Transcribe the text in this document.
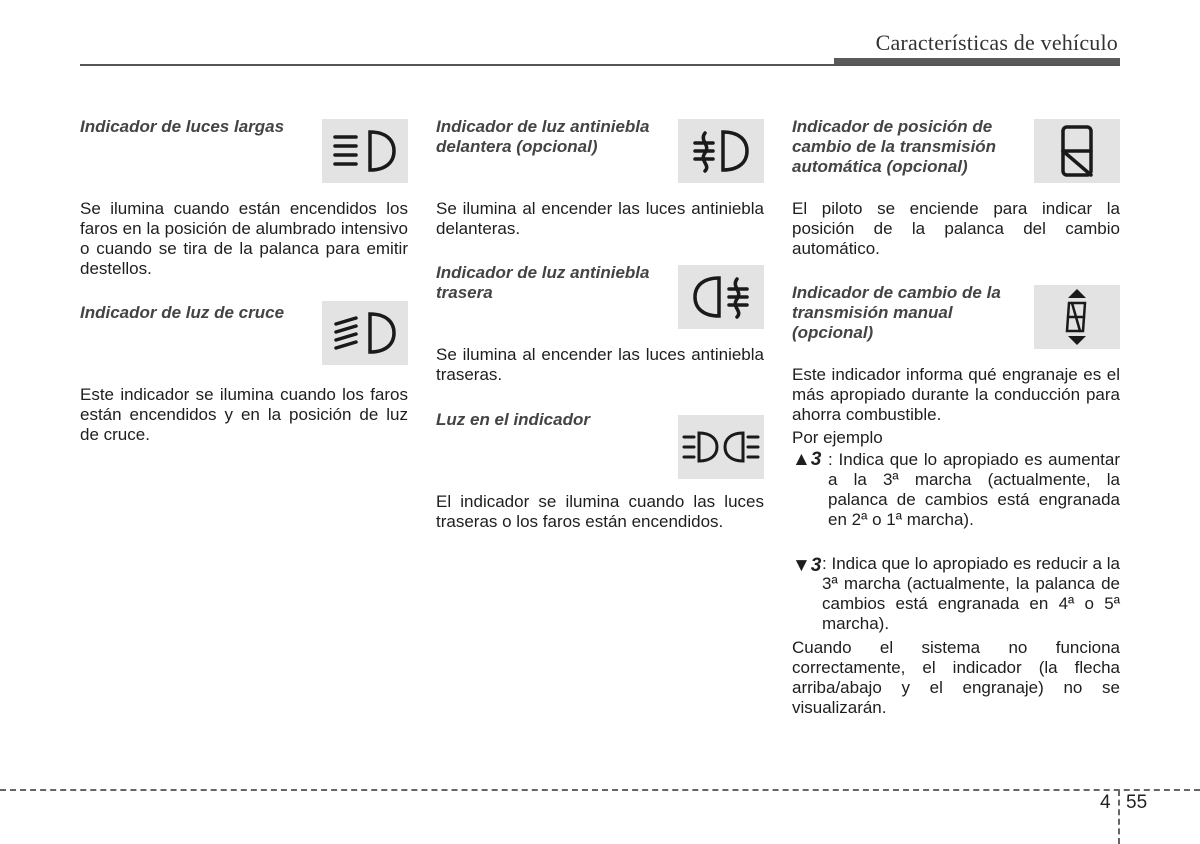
Características de vehículo
Indicador de luces largas
Se ilumina cuando están encendidos los faros en la posición de alumbrado intensivo o cuando se tira de la palanca para emitir destellos.
Indicador de luz de cruce
Este indicador se ilumina cuando los faros están encendidos y en la posición de luz de cruce.
Indicador de luz antiniebla delantera (opcional)
Se ilumina al encender las luces antiniebla delanteras.
Indicador de luz antiniebla trasera
Se ilumina al encender las luces antiniebla traseras.
Luz en el indicador
El indicador se ilumina cuando las luces traseras o los faros están encendidos.
Indicador de posición de cambio de la transmisión automática (opcional)
El piloto se enciende para indicar la posición de la palanca del cambio automático.
Indicador de cambio de la transmisión manual (opcional)
Este indicador informa qué engranaje es el más apropiado durante la conducción para ahorra combustible.
Por ejemplo
▲3 : Indica que lo apropiado es aumentar a la 3ª marcha (actualmente, la palanca de cambios está engranada en 2ª o 1ª marcha).
▼3 : Indica que lo apropiado es reducir a la 3ª marcha (actualmente, la palanca de cambios está engranada en 4ª o 5ª marcha).
Cuando el sistema no funciona correctamente, el indicador (la flecha arriba/abajo y el engranaje) no se visualizarán.
4 55
